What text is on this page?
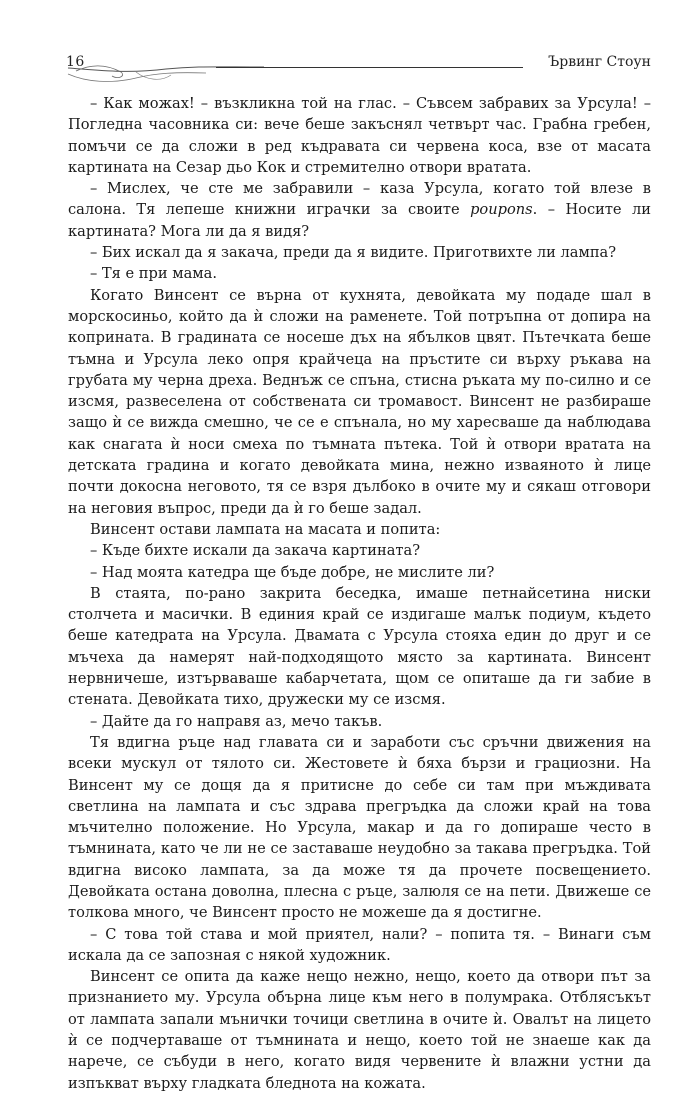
16	Ървинг Стоун

– Как можах! – възкликна той на глас. – Съвсем забравих за Урсула! – Погледна часовника си: вече беше закъснял четвърт час. Грабна гребен, помъчи се да сложи в ред къдравата си червена коса, взе от масата картината на Сезар дьо Кок и стремително отвори вратата.

– Мислех, че сте ме забравили – каза Урсула, когато той влезе в салона. Тя лепеше книжни играчки за своите poupons. – Носите ли картината? Мога ли да я видя?

– Бих искал да я закача, преди да я видите. Приготвихте ли лампа?

– Тя е при мама.

Когато Винсент се върна от кухнята, девойката му подаде шал в морскосиньо, който да ѝ сложи на раменете. Той потръпна от допира на коприната. В градината се носеше дъх на ябълков цвят. Пътечката беше тъмна и Урсула леко опря крайчеца на пръстите си върху ръкава на грубата му черна дреха. Веднъж се спъна, стисна ръката му по-силно и се изсмя, развеселена от собствената си тромавост. Винсент не разбираше защо ѝ се вижда смешно, че се е спънала, но му харесваше да наблюдава как снагата ѝ носи смеха по тъмната пътека. Той ѝ отвори вратата на детската градина и когато девойката мина, нежно изваяното ѝ лице почти докосна неговото, тя се взря дълбоко в очите му и сякаш отговори на неговия въпрос, преди да ѝ го беше задал.

Винсент остави лампата на масата и попита:

– Къде бихте искали да закача картината?

– Над моята катедра ще бъде добре, не мислите ли?

В стаята, по-рано закрита беседка, имаше петнайсетина ниски столчета и масички. В единия край се издигаше малък подиум, където беше катедрата на Урсула. Двамата с Урсула стояха един до друг и се мъчеха да намерят най-подходящото място за картината. Винсент нервничеше, изтърваваше кабарчетата, щом се опиташе да ги забие в стената. Девойката тихо, дружески му се изсмя.

– Дайте да го направя аз, мечо такъв.

Тя вдигна ръце над главата си и заработи със сръчни движения на всеки мускул от тялото си. Жестовете ѝ бяха бързи и грациозни. На Винсент му се дощя да я притисне до себе си там при мъждивата светлина на лампата и със здрава прегръдка да сложи край на това мъчително положение. Но Урсула, макар и да го допираше често в тъмнината, като че ли не се заставаше неудобно за такава прегръдка. Той вдигна високо лампата, за да може тя да прочете посвещението. Девойката остана доволна, плесна с ръце, залюля се на пети. Движеше се толкова много, че Винсент просто не можеше да я достигне.

– С това той става и мой приятел, нали? – попита тя. – Винаги съм искала да се запозная с някой художник.

Винсент се опита да каже нещо нежно, нещо, което да отвори път за признанието му. Урсула обърна лице към него в полумрака. Отблясъкът от лампата запали мънички точици светлина в очите ѝ. Овалът на лицето ѝ се подчертаваше от тъмнината и нещо, което той не знаеше как да нарече, се събуди в него, когато видя червените ѝ влажни устни да изпъкват върху гладката бледнота на кожата.
